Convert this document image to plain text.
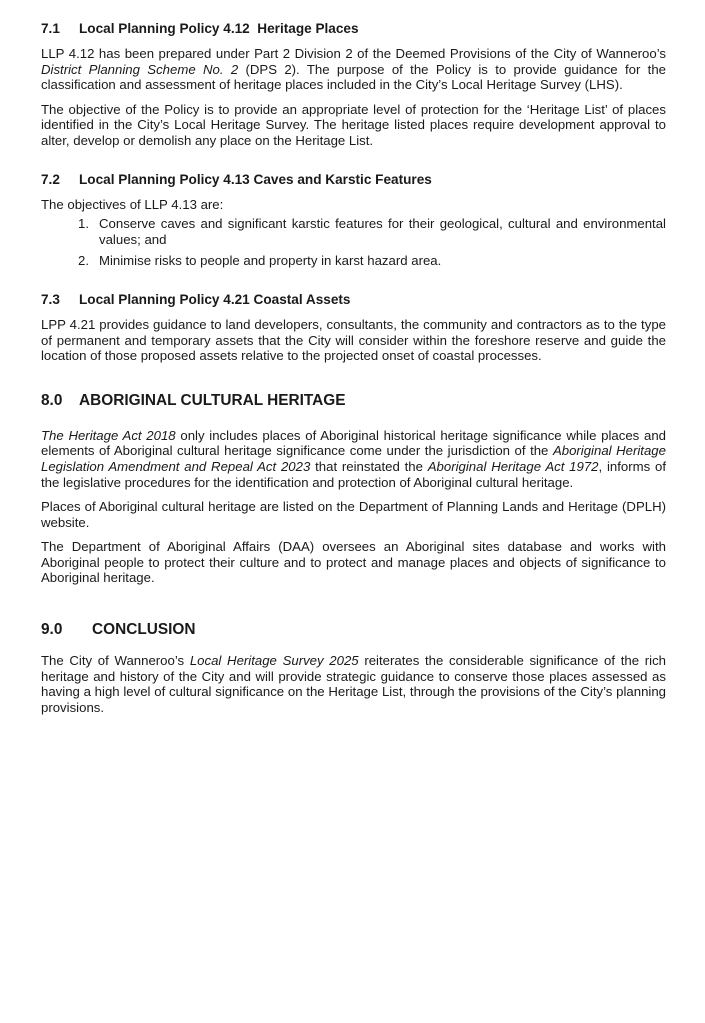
7.1	Local Planning Policy 4.12  Heritage Places

LLP 4.12 has been prepared under Part 2 Division 2 of the Deemed Provisions of the City of Wanneroo’s District Planning Scheme No. 2 (DPS 2). The purpose of the Policy is to provide guidance for the classification and assessment of heritage places included in the City’s Local Heritage Survey (LHS).

The objective of the Policy is to provide an appropriate level of protection for the ‘Heritage List’ of places identified in the City’s Local Heritage Survey. The heritage listed places require development approval to alter, develop or demolish any place on the Heritage List.

7.2	Local Planning Policy 4.13 Caves and Karstic Features

The objectives of LLP 4.13 are:

1. Conserve caves and significant karstic features for their geological, cultural and environmental values; and
2. Minimise risks to people and property in karst hazard area.
7.3	Local Planning Policy 4.21 Coastal Assets

LPP 4.21 provides guidance to land developers, consultants, the community and contractors as to the type of permanent and temporary assets that the City will consider within the foreshore reserve and guide the location of those proposed assets relative to the projected onset of coastal processes.

8.0	ABORIGINAL CULTURAL HERITAGE

The Heritage Act 2018 only includes places of Aboriginal historical heritage significance while places and elements of Aboriginal cultural heritage significance come under the jurisdiction of the Aboriginal Heritage Legislation Amendment and Repeal Act 2023 that reinstated the Aboriginal Heritage Act 1972, informs of the legislative procedures for the identification and protection of Aboriginal cultural heritage.

Places of Aboriginal cultural heritage are listed on the Department of Planning Lands and Heritage (DPLH) website.

The Department of Aboriginal Affairs (DAA) oversees an Aboriginal sites database and works with Aboriginal people to protect their culture and to protect and manage places and objects of significance to Aboriginal heritage.

9.0	CONCLUSION

The City of Wanneroo’s Local Heritage Survey 2025 reiterates the considerable significance of the rich heritage and history of the City and will provide strategic guidance to conserve those places assessed as having a high level of cultural significance on the Heritage List, through the provisions of the City’s planning provisions.
